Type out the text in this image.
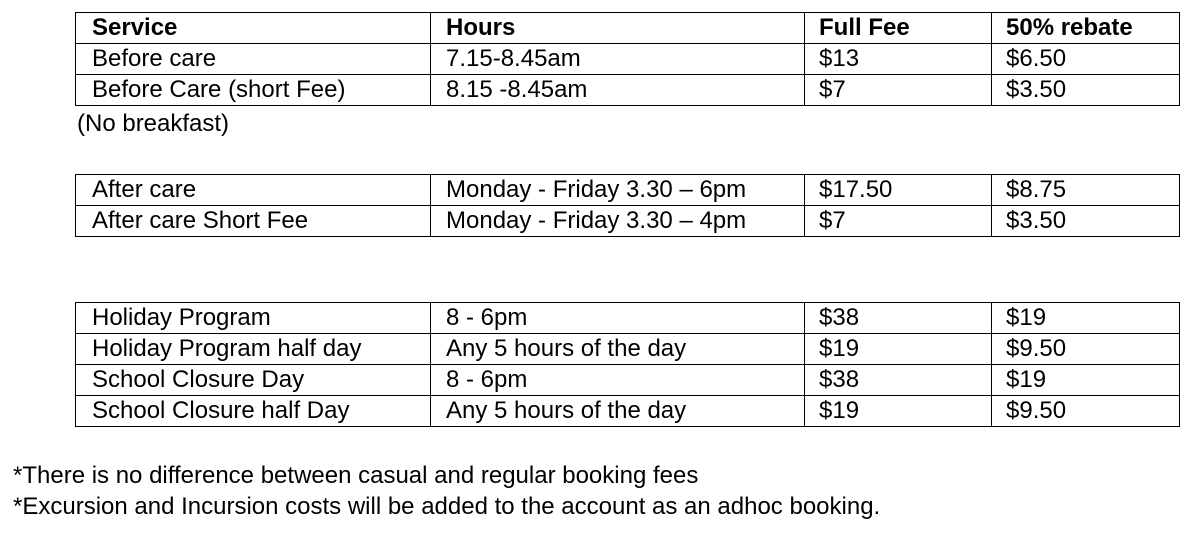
Service	Hours	Full Fee	50% rebate
Before care	7.15-8.45am	$13	$6.50
Before Care (short Fee)	8.15 -8.45am	$7	$3.50
(No breakfast)
After care	Monday - Friday 3.30 – 6pm	$17.50	$8.75
After care Short Fee	Monday - Friday 3.30 – 4pm	$7	$3.50
Holiday Program	8 - 6pm	$38	$19
Holiday Program half day	Any 5 hours of the day	$19	$9.50
School Closure Day	8 - 6pm	$38	$19
School Closure half Day	Any 5 hours of the day	$19	$9.50
*There is no difference between casual and regular booking fees
*Excursion and Incursion costs will be added to the account as an adhoc booking.
